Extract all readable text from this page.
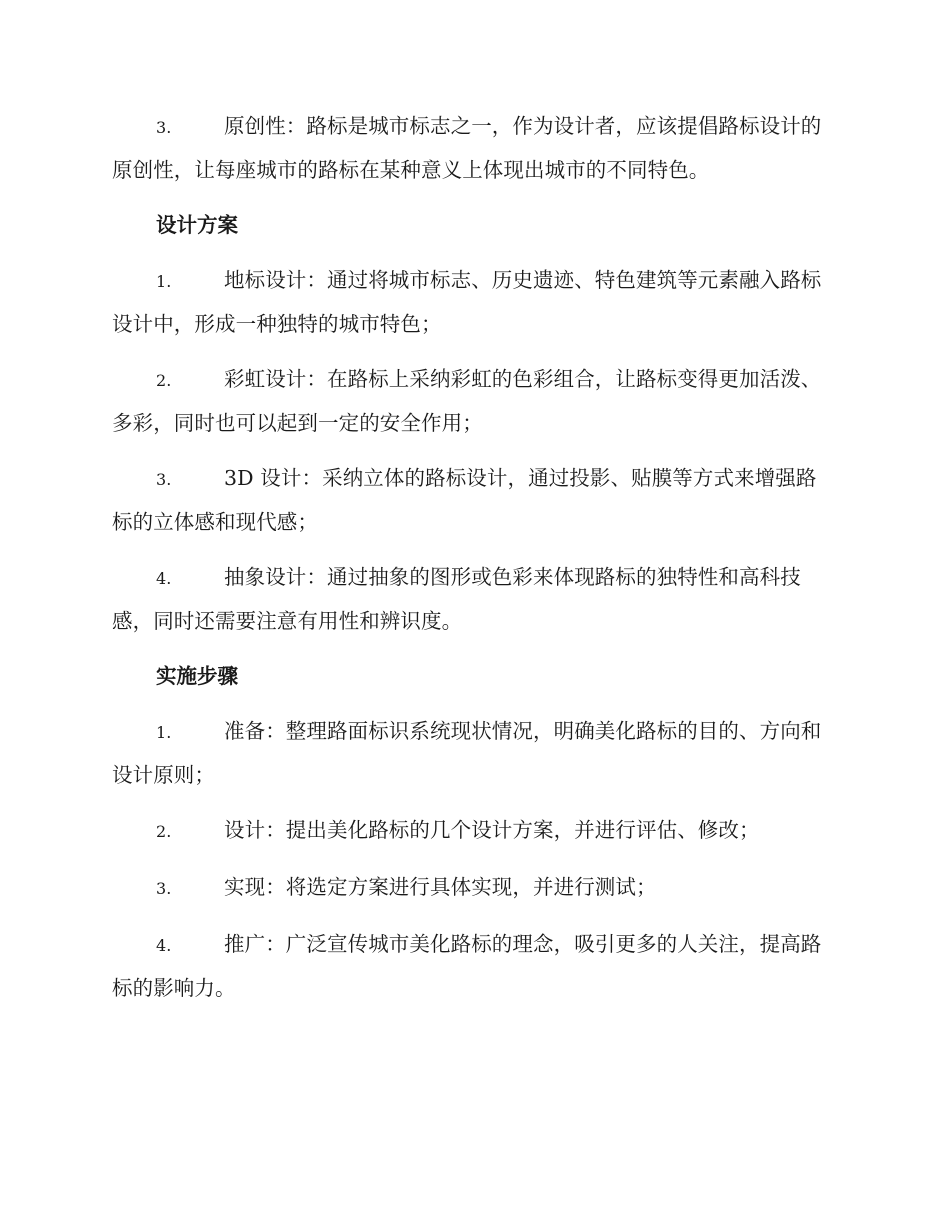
3.	原创性：路标是城市标志之一，作为设计者，应该提倡路标设计的原创性，让每座城市的路标在某种意义上体现出城市的不同特色。

设计方案

1.	地标设计：通过将城市标志、历史遗迹、特色建筑等元素融入路标设计中，形成一种独特的城市特色；

2.	彩虹设计：在路标上采纳彩虹的色彩组合，让路标变得更加活泼、多彩，同时也可以起到一定的安全作用；

3.	3D 设计：采纳立体的路标设计，通过投影、贴膜等方式来增强路标的立体感和现代感；

4.	抽象设计：通过抽象的图形或色彩来体现路标的独特性和高科技感，同时还需要注意有用性和辨识度。

实施步骤

1.	准备：整理路面标识系统现状情况，明确美化路标的目的、方向和设计原则；

2.	设计：提出美化路标的几个设计方案，并进行评估、修改；

3.	实现：将选定方案进行具体实现，并进行测试；

4.	推广：广泛宣传城市美化路标的理念，吸引更多的人关注，提高路标的影响力。
